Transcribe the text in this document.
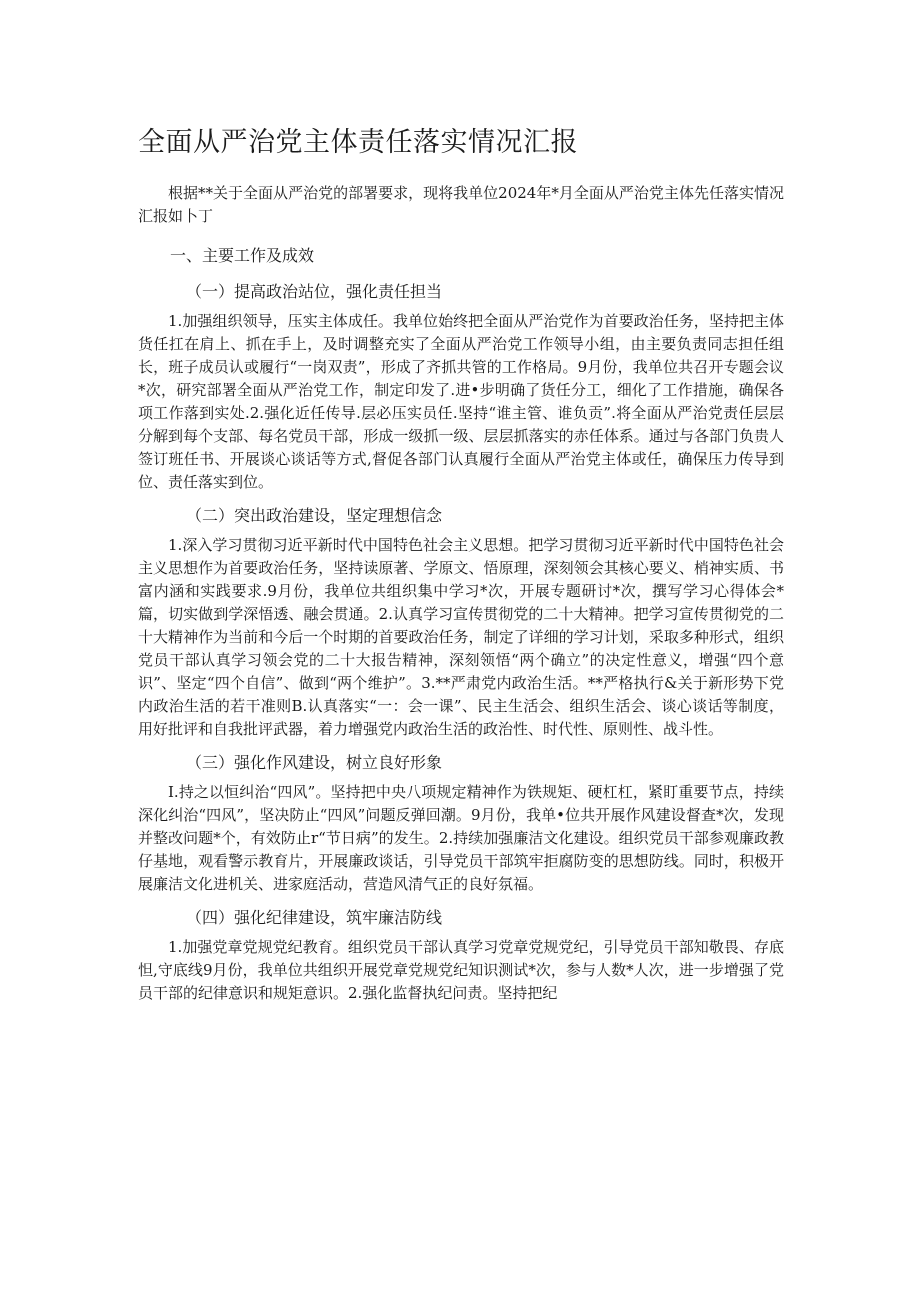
全面从严治党主体责任落实情况汇报

根据**关于全面从严治党的部署要求，现将我单位2024年*月全面从严治党主体先任落实情况汇报如卜丁

一、主要工作及成效
（一）提高政治站位，强化责任担当

1.加强组织领导，压实主体成任。我单位始终把全面从严治党作为首要政治任务，坚持把主体货任扛在肩上、抓在手上，及时调整充实了全面从严治党工作领导小组，由主要负责同志担任组长，班子成员认或履行“一岗双责”，形成了齐抓共管的工作格局。9月份，我单位共召开专题会议*次，研究部署全面从严治党工作，制定印发了.进•步明确了货任分工，细化了工作措施，确保各项工作落到实处.2.强化近任传导.层必压实员任.坚持“谁主管、谁负贡”.将全面从严治党责任层层分解到每个支部、每名党员干部，形成一级抓一级、层层抓落实的赤任体系。通过与各部门负贵人签订班任书、开展谈心谈话等方式,督促各部门认真履行全面从严治党主体或任，确保压力传导到位、责任落实到位。

（二）突出政治建设，坚定理想信念

1.深入学习贯彻习近平新时代中国特色社会主义思想。把学习贯彻习近平新时代中国特色社会主义思想作为首要政治任务，坚持读原著、学原文、悟原理，深刻领会其核心要义、梢神实质、书富内涵和实践要求.9月份，我单位共组织集中学习*次，开展专题研讨*次，撰写学习心得体会*篇，切实做到学深悟透、融会贯通。2.认真学习宣传贯彻党的二十大精神。把学习宣传贯彻党的二十大精神作为当前和今后一个时期的首要政治任务，制定了详细的学习计划，采取多种形式，组织党员干部认真学习领会党的二十大报告精神，深刻领悟“两个确立”的决定性意义，增强“四个意识”、坚定“四个自信”、做到“两个维护”。3.**严肃党内政治生活。**严格执行&关于新形势下党内政治生活的若干准则B.认真落实“一：会一课”、民主生活会、组织生活会、谈心谈话等制度，用好批评和自我批评武器，着力增强党内政治生活的政治性、时代性、原则性、战斗性。

（三）强化作风建设，树立良好形象

I.持之以恒纠治“四风”。坚持把中央八项规定精神作为铁规矩、硬杠杠，紧盯重要节点，持续深化纠治“四风”，坚决防止“四风”问题反弹回潮。9月份，我单•位共开展作风建设督查*次，发现并整改问题*个，有效防止r“节日病”的发生。2.持续加强廉洁文化建设。组织党员干部参观廉政教仔基地，观看警示教育片，开展廉政谈话，引导党员干部筑牢拒腐防变的思想防线。同时，积极开展廉洁文化进机关、进家庭活动，营造风清气正的良好氛福。

（四）强化纪律建设，筑牢廉洁防线

1.加强党章党规党纪教育。组织党员干部认真学习党章党规党纪，引导党员干部知敬畏、存底怛,守底线9月份，我单位共组织开展党章党规党纪知识测试*次，参与人数*人次，进一步增强了党员干部的纪律意识和规矩意识。2.强化监督执纪问责。坚持把纪
